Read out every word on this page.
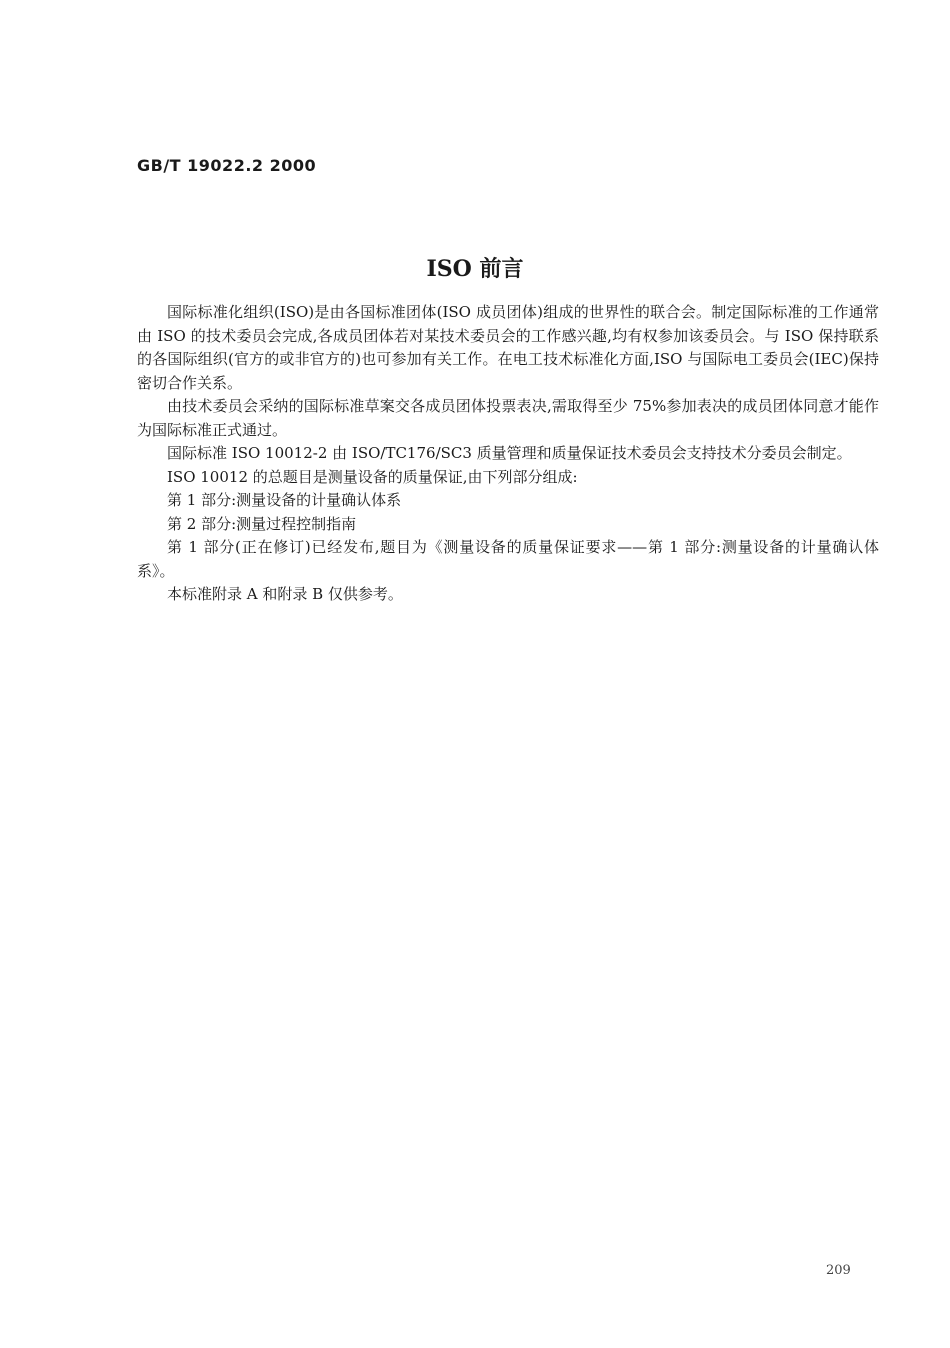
GB/T 19022.2 2000
ISO 前言

国际标准化组织(ISO)是由各国标准团体(ISO 成员团体)组成的世界性的联合会。制定国际标准的工作通常由 ISO 的技术委员会完成,各成员团体若对某技术委员会的工作感兴趣,均有权参加该委员会。与 ISO 保持联系的各国际组织(官方的或非官方的)也可参加有关工作。在电工技术标准化方面,ISO 与国际电工委员会(IEC)保持密切合作关系。

由技术委员会采纳的国际标准草案交各成员团体投票表决,需取得至少 75%参加表决的成员团体同意才能作为国际标准正式通过。

国际标准 ISO 10012-2 由 ISO/TC176/SC3 质量管理和质量保证技术委员会支持技术分委员会制定。

ISO 10012 的总题目是测量设备的质量保证,由下列部分组成:

第 1 部分:测量设备的计量确认体系

第 2 部分:测量过程控制指南

第 1 部分(正在修订)已经发布,题目为《测量设备的质量保证要求——第 1 部分:测量设备的计量确认体系》。

本标准附录 A 和附录 B 仅供参考。

209
